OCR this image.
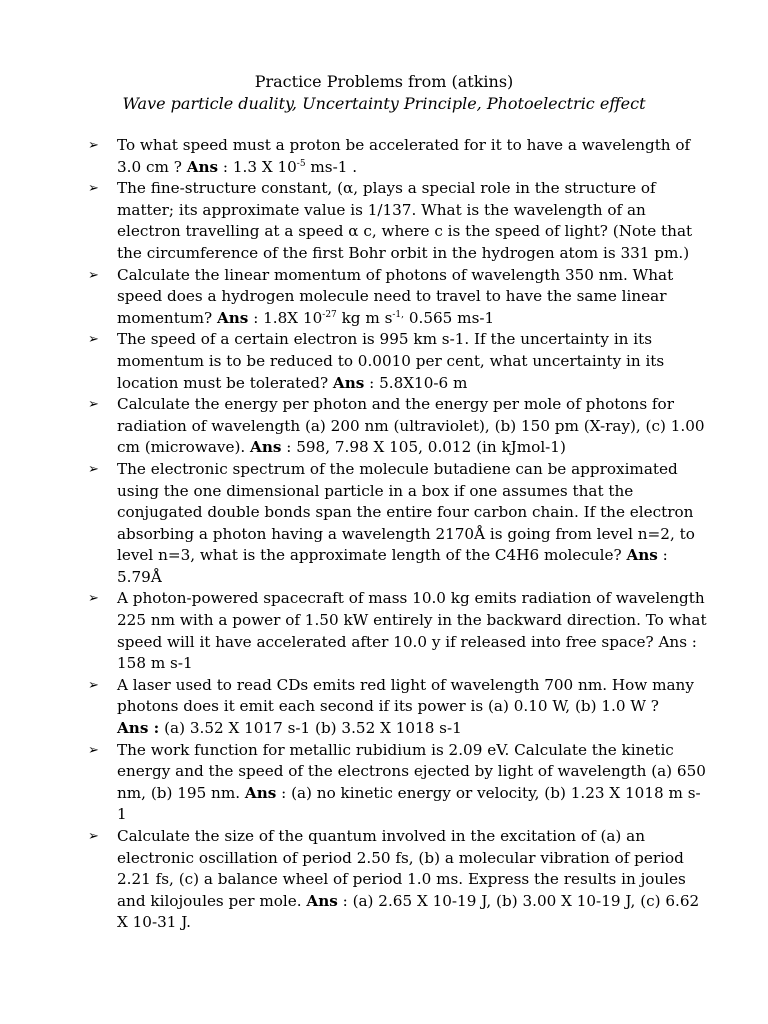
Practice Problems from (atkins)
Wave particle duality, Uncertainty Principle, Photoelectric effect
➢ To what speed must a proton be accelerated for it to have a wavelength of 3.0 cm ? Ans : 1.3 X $10^{-5}$ ms-1 .
➢ The fine-structure constant, (α, plays a special role in the structure of matter; its approximate value is 1/137. What is the wavelength of an electron travelling at a speed α c, where c is the speed of light? (Note that the circumference of the first Bohr orbit in the hydrogen atom is 331 pm.)
➢ Calculate the linear momentum of photons of wavelength 350 nm. What speed does a hydrogen molecule need to travel to have the same linear momentum? Ans : 1.8X $10^{-27}$ kg m $s^{-1,}$ 0.565 ms-1
➢ The speed of a certain electron is 995 km s-1. If the uncertainty in its momentum is to be reduced to 0.0010 per cent, what uncertainty in its location must be tolerated? Ans : 5.8X10-6 m
➢ Calculate the energy per photon and the energy per mole of photons for radiation of wavelength (a) 200 nm (ultraviolet), (b) 150 pm (X-ray), (c) 1.00 cm (microwave). Ans : 598, 7.98 X 105, 0.012 (in kJmol-1)
➢ The electronic spectrum of the molecule butadiene can be approximated using the one dimensional particle in a box if one assumes that the conjugated double bonds span the entire four carbon chain. If the electron absorbing a photon having a wavelength 2170Å is going from level n=2, to level n=3, what is the approximate length of the C4H6 molecule? Ans : 5.79Å
➢ A photon-powered spacecraft of mass 10.0 kg emits radiation of wavelength 225 nm with a power of 1.50 kW entirely in the backward direction. To what speed will it have accelerated after 10.0 y if released into free space? Ans : 158 m s-1
➢ A laser used to read CDs emits red light of wavelength 700 nm. How many photons does it emit each second if its power is (a) 0.10 W, (b) 1.0 W ?
Ans : (a) 3.52 X 1017 s-1 (b) 3.52 X 1018 s-1
➢ The work function for metallic rubidium is 2.09 eV. Calculate the kinetic energy and the speed of the electrons ejected by light of wavelength (a) 650 nm, (b) 195 nm. Ans : (a) no kinetic energy or velocity, (b) 1.23 X 1018 m s-1
➢ Calculate the size of the quantum involved in the excitation of (a) an electronic oscillation of period 2.50 fs, (b) a molecular vibration of period 2.21 fs, (c) a balance wheel of period 1.0 ms. Express the results in joules and kilojoules per mole. Ans : (a) 2.65 X 10-19 J, (b) 3.00 X 10-19 J, (c) 6.62 X 10-31 J.
